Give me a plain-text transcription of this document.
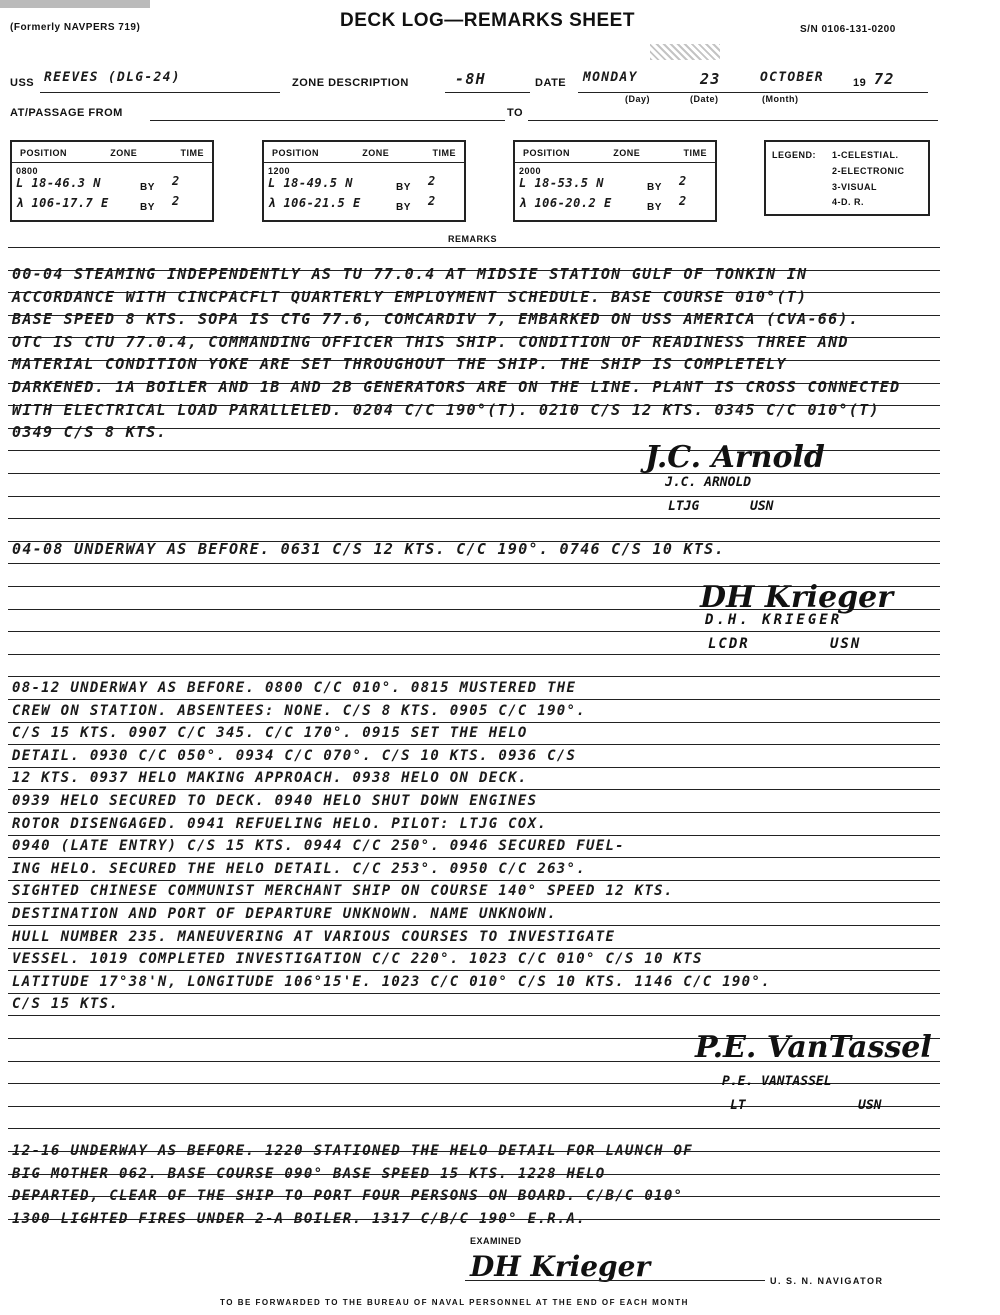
(Formerly NAVPERS 719)	DECK LOG—REMARKS SHEET	S/N 0106-131-0200
USS REEVES (DLG-24)	ZONE DESCRIPTION	-8H	DATE MONDAY	23	OCTOBER	19 72
(Day)	(Date)	(Month)
AT/PASSAGE FROM	TO
POSITION	ZONE	TIME
0800
L 18-46.3 N	BY 2
λ 106-17.7 E	BY 2
POSITION	ZONE	TIME
1200
L 18-49.5 N	BY 2
λ 106-21.5 E	BY 2
POSITION	ZONE	TIME
2000
L 18-53.5 N	BY 2
λ 106-20.2 E	BY 2
LEGEND: 1-CELESTIAL.
2-ELECTRONIC
3-VISUAL
4-D. R.
REMARKS
00-04 STEAMING INDEPENDENTLY AS TU 77.0.4 AT MIDSIE STATION GULF OF TONKIN IN
ACCORDANCE WITH CINCPACFLT QUARTERLY EMPLOYMENT SCHEDULE. BASE COURSE 010°(T)
BASE SPEED 8 KTS. SOPA IS CTG 77.6, COMCARDIV 7, EMBARKED ON USS AMERICA (CVA-66).
OTC IS CTU 77.0.4, COMMANDING OFFICER THIS SHIP. CONDITION OF READINESS THREE AND
MATERIAL CONDITION YOKE ARE SET THROUGHOUT THE SHIP. THE SHIP IS COMPLETELY
DARKENED. 1A BOILER AND 1B AND 2B GENERATORS ARE ON THE LINE. PLANT IS CROSS CONNECTED
WITH ELECTRICAL LOAD PARALLELED. 0204 C/C 190°(T). 0210 C/S 12 KTS. 0345 C/C 010°(T)
0349 C/S 8 KTS.
J.C. Arnold
J.C. ARNOLD
LTJG	USN
04-08 UNDERWAY AS BEFORE. 0631 C/S 12 KTS. C/C 190°. 0746 C/S 10 KTS.
DH Krieger
D.H. KRIEGER
LCDR	USN
08-12 UNDERWAY AS BEFORE. 0800 C/C 010°. 0815 MUSTERED THE
CREW ON STATION. ABSENTEES: NONE. C/S 8 KTS. 0905 C/C 190°.
C/S 15 KTS. 0907 C/C 345. C/C 170°. 0915 SET THE HELO
DETAIL. 0930 C/C 050°. 0934 C/C 070°. C/S 10 KTS. 0936 C/S
12 KTS. 0937 HELO MAKING APPROACH. 0938 HELO ON DECK.
0939 HELO SECURED TO DECK. 0940 HELO SHUT DOWN ENGINES
ROTOR DISENGAGED. 0941 REFUELING HELO. PILOT: LTJG COX.
0940 (LATE ENTRY) C/S 15 KTS. 0944 C/C 250°. 0946 SECURED FUEL-
ING HELO. SECURED THE HELO DETAIL. C/C 253°. 0950 C/C 263°.
SIGHTED CHINESE COMMUNIST MERCHANT SHIP ON COURSE 140° SPEED 12 KTS.
DESTINATION AND PORT OF DEPARTURE UNKNOWN. NAME UNKNOWN.
HULL NUMBER 235. MANEUVERING AT VARIOUS COURSES TO INVESTIGATE
VESSEL. 1019 COMPLETED INVESTIGATION C/C 220°. 1023 C/C 010° C/S 10 KTS
LATITUDE 17°38'N, LONGITUDE 106°15'E. 1023 C/C 010° C/S 10 KTS. 1146 C/C 190°.
C/S 15 KTS.
P.E. VanTassel
P.E. VANTASSEL
LT	USN
12-16 UNDERWAY AS BEFORE. 1220 STATIONED THE HELO DETAIL FOR LAUNCH OF
BIG MOTHER 062. BASE COURSE 090° BASE SPEED 15 KTS. 1228 HELO
DEPARTED, CLEAR OF THE SHIP TO PORT FOUR PERSONS ON BOARD. C/B/C 010°
1300 LIGHTED FIRES UNDER 2-A BOILER. 1317 C/B/C 190° E.R.A.
EXAMINED
DH Krieger	U. S. N. NAVIGATOR
TO BE FORWARDED TO THE BUREAU OF NAVAL PERSONNEL AT THE END OF EACH MONTH
